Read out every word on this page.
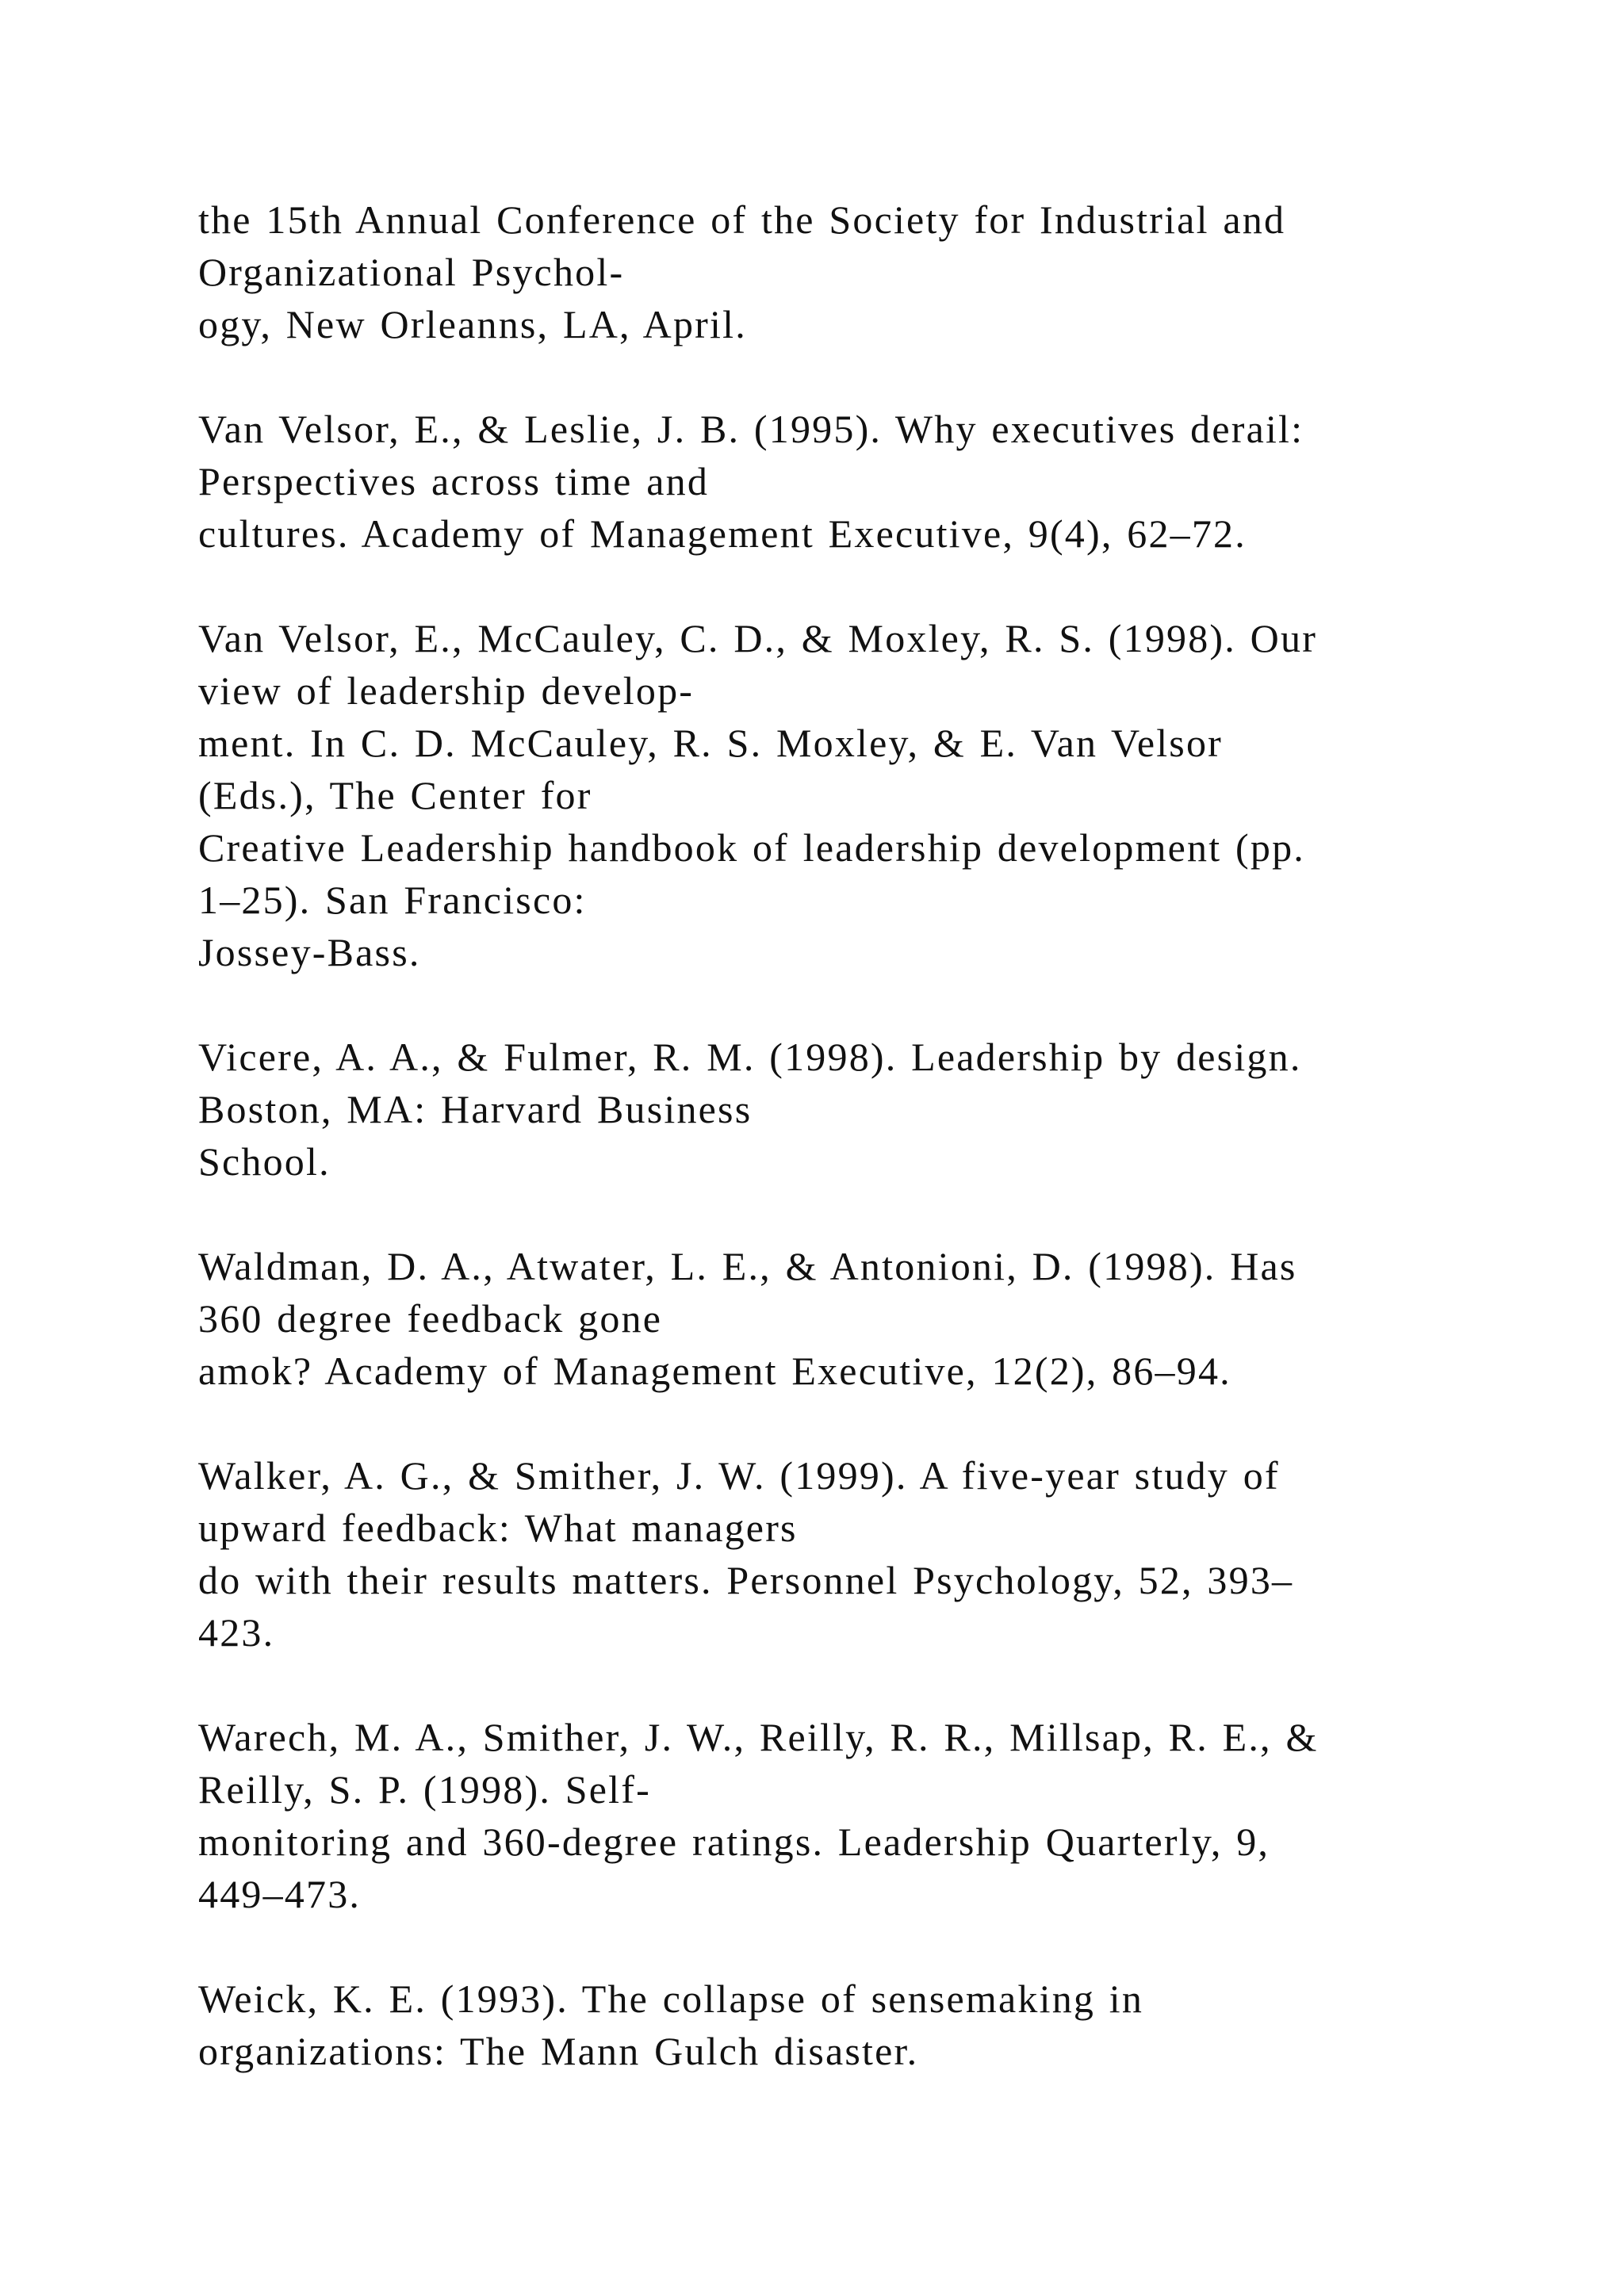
the 15th Annual Conference of the Society for Industrial and
Organizational Psychol-
ogy, New Orleanns, LA, April.
Van Velsor, E., & Leslie, J. B. (1995). Why executives derail:
Perspectives across time and
cultures. Academy of Management Executive, 9(4), 62–72.
Van Velsor, E., McCauley, C. D., & Moxley, R. S. (1998). Our
view of leadership develop-
ment. In C. D. McCauley, R. S. Moxley, & E. Van Velsor
(Eds.), The Center for
Creative Leadership handbook of leadership development (pp.
1–25). San Francisco:
Jossey-Bass.
Vicere, A. A., & Fulmer, R. M. (1998). Leadership by design.
Boston, MA: Harvard Business
School.
Waldman, D. A., Atwater, L. E., & Antonioni, D. (1998). Has
360 degree feedback gone
amok? Academy of Management Executive, 12(2), 86–94.
Walker, A. G., & Smither, J. W. (1999). A five-year study of
upward feedback: What managers
do with their results matters. Personnel Psychology, 52, 393–
423.
Warech, M. A., Smither, J. W., Reilly, R. R., Millsap, R. E., &
Reilly, S. P. (1998). Self-
monitoring and 360-degree ratings. Leadership Quarterly, 9,
449–473.
Weick, K. E. (1993). The collapse of sensemaking in
organizations: The Mann Gulch disaster.
